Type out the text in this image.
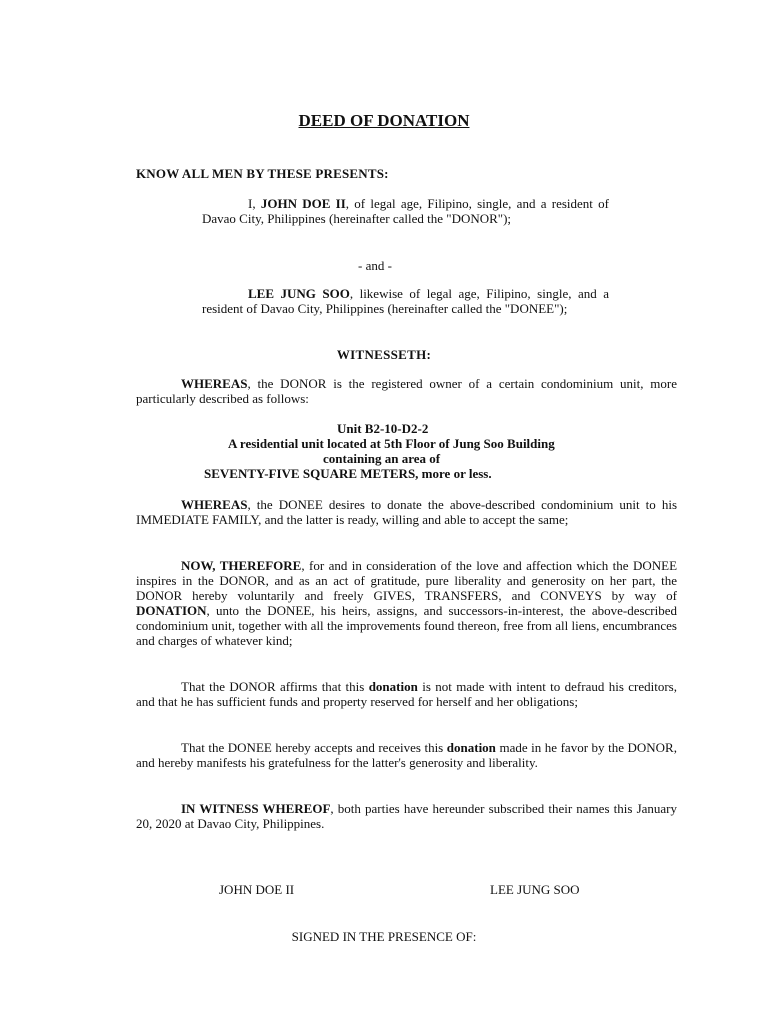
DEED OF DONATION
KNOW ALL MEN BY THESE PRESENTS:
I, JOHN DOE II, of legal age, Filipino, single, and a resident of Davao City, Philippines (hereinafter called the "DONOR");
- and -
LEE JUNG SOO, likewise of legal age, Filipino, single, and a resident of Davao City, Philippines (hereinafter called the "DONEE");
WITNESSETH:
WHEREAS, the DONOR is the registered owner of a certain condominium unit, more particularly described as follows:
Unit B2-10-D2-2
A residential unit located at 5th Floor of Jung Soo Building
containing an area of
SEVENTY-FIVE SQUARE METERS, more or less.
WHEREAS, the DONEE desires to donate the above-described condominium unit to his IMMEDIATE FAMILY, and the latter is ready, willing and able to accept the same;
NOW, THEREFORE, for and in consideration of the love and affection which the DONEE inspires in the DONOR, and as an act of gratitude, pure liberality and generosity on her part, the DONOR hereby voluntarily and freely GIVES, TRANSFERS, and CONVEYS by way of DONATION, unto the DONEE, his heirs, assigns, and successors-in-interest, the above-described condominium unit, together with all the improvements found thereon, free from all liens, encumbrances and charges of whatever kind;
That the DONOR affirms that this donation is not made with intent to defraud his creditors, and that he has sufficient funds and property reserved for herself and her obligations;
That the DONEE hereby accepts and receives this donation made in he favor by the DONOR, and hereby manifests his gratefulness for the latter's generosity and liberality.
IN WITNESS WHEREOF, both parties have hereunder subscribed their names this January 20, 2020 at Davao City, Philippines.
JOHN DOE II	LEE JUNG SOO
SIGNED IN THE PRESENCE OF:
